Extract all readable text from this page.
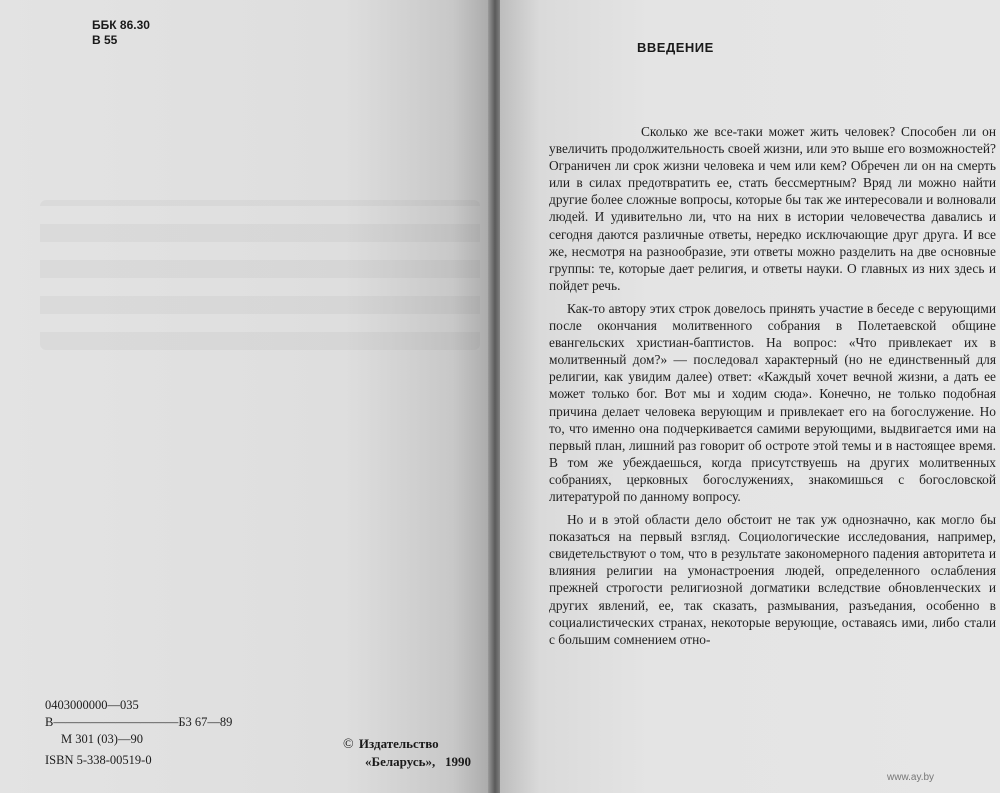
ББК 86.30
В 55
0403000000—035
В——————————Б3 67—89
М 301 (03)—90
ISBN 5-338-00519-0
© Издательство
«Беларусь», 1990
ВВЕДЕНИЕ

Сколько же все-таки может жить человек? Способен ли он увеличить продолжительность своей жизни, или это выше его возможностей? Ограничен ли срок жизни человека и чем или кем? Обречен ли он на смерть или в силах предотвратить ее, стать бессмертным? Вряд ли можно найти другие более сложные вопросы, которые бы так же интересовали и волновали людей. И удивительно ли, что на них в истории человечества давались и сегодня даются различные ответы, нередко исключающие друг друга. И все же, несмотря на разнообразие, эти ответы можно разделить на две основные группы: те, которые дает религия, и ответы науки. О главных из них здесь и пойдет речь.

Как-то автору этих строк довелось принять участие в беседе с верующими после окончания молитвенного собрания в Полетаевской общине евангельских христиан-баптистов. На вопрос: «Что привлекает их в молитвенный дом?» — последовал характерный (но не единственный для религии, как увидим далее) ответ: «Каждый хочет вечной жизни, а дать ее может только бог. Вот мы и ходим сюда». Конечно, не только подобная причина делает человека верующим и привлекает его на богослужение. Но то, что именно она подчеркивается самими верующими, выдвигается ими на первый план, лишний раз говорит об остроте этой темы и в настоящее время. В том же убеждаешься, когда присутствуешь на других молитвенных собраниях, церковных богослужениях, знакомишься с богословской литературой по данному вопросу.

Но и в этой области дело обстоит не так уж однозначно, как могло бы показаться на первый взгляд. Социологические исследования, например, свидетельствуют о том, что в результате закономерного падения авторитета и влияния религии на умонастроения людей, определенного ослабления прежней строгости религиозной догматики вследствие обновленческих и других явлений, ее, так сказать, размывания, разъедания, особенно в социалистических странах, некоторые верующие, оставаясь ими, либо стали с большим сомнением отно-

www.ay.by
